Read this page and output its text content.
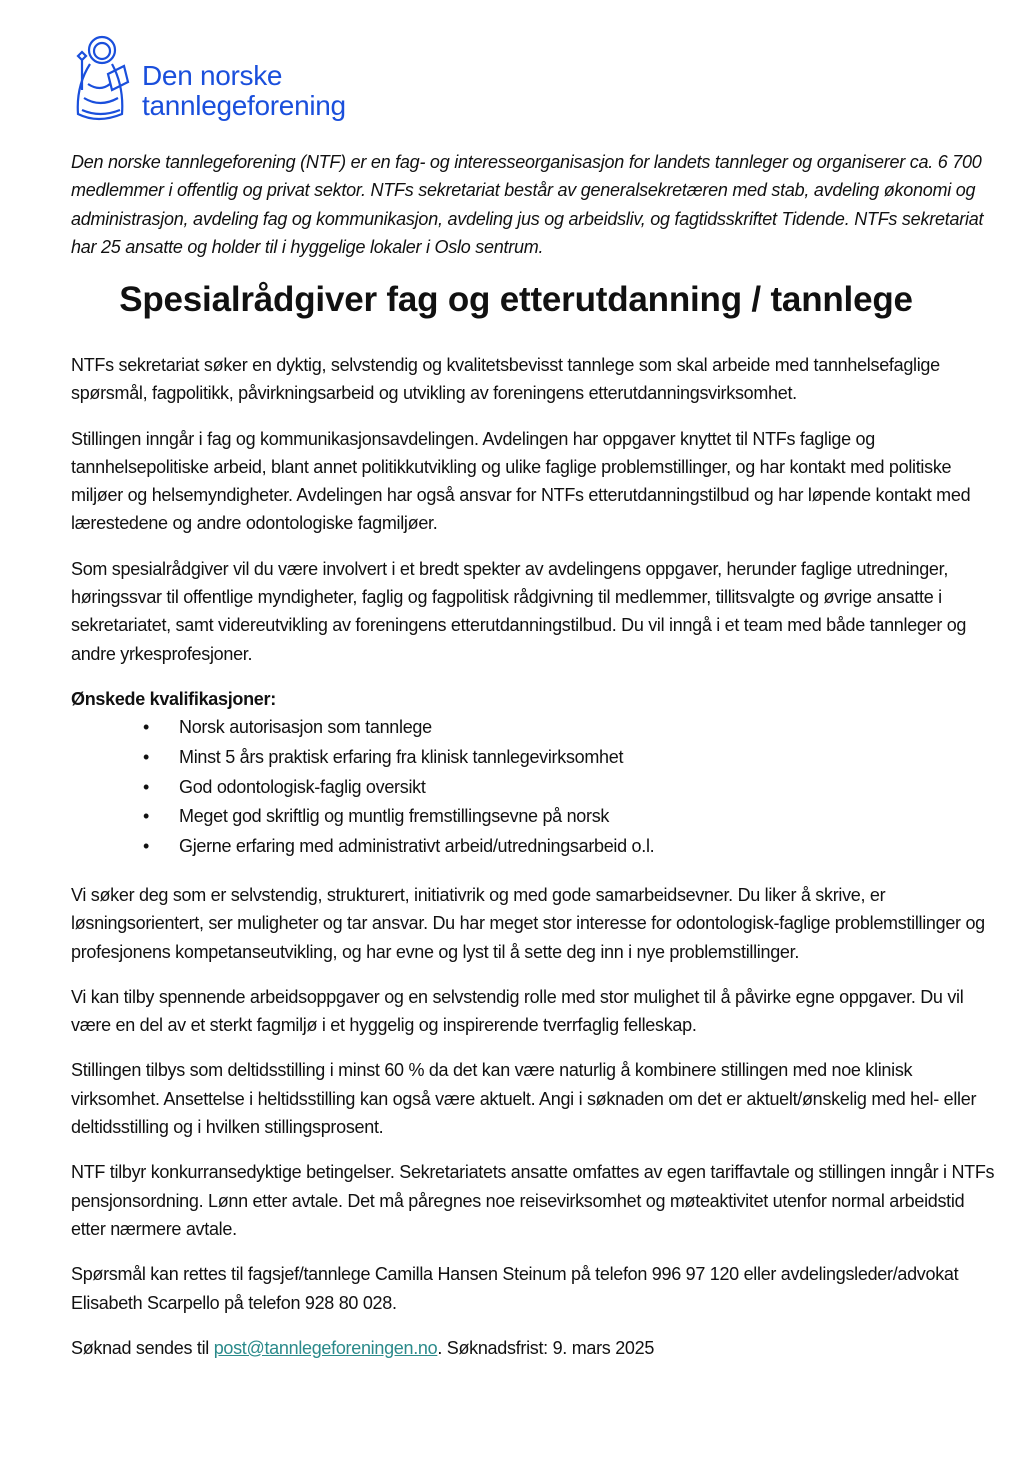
Den norske
tannlegeforening

Den norske tannlegeforening (NTF) er en fag- og interesseorganisasjon for landets tannleger og organiserer ca. 6 700 medlemmer i offentlig og privat sektor. NTFs sekretariat består av generalsekretæren med stab, avdeling økonomi og administrasjon, avdeling fag og kommunikasjon, avdeling jus og arbeidsliv, og fagtidsskriftet Tidende. NTFs sekretariat har 25 ansatte og holder til i hyggelige lokaler i Oslo sentrum.

Spesialrådgiver fag og etterutdanning / tannlege

NTFs sekretariat søker en dyktig, selvstendig og kvalitetsbevisst tannlege som skal arbeide med tannhelsefaglige spørsmål, fagpolitikk, påvirkningsarbeid og utvikling av foreningens etterutdanningsvirksomhet.

Stillingen inngår i fag og kommunikasjonsavdelingen. Avdelingen har oppgaver knyttet til NTFs faglige og tannhelsepolitiske arbeid, blant annet politikkutvikling og ulike faglige problemstillinger, og har kontakt med politiske miljøer og helsemyndigheter. Avdelingen har også ansvar for NTFs etterutdanningstilbud og har løpende kontakt med lærestedene og andre odontologiske fagmiljøer.

Som spesialrådgiver vil du være involvert i et bredt spekter av avdelingens oppgaver, herunder faglige utredninger, høringssvar til offentlige myndigheter, faglig og fagpolitisk rådgivning til medlemmer, tillitsvalgte og øvrige ansatte i sekretariatet, samt videreutvikling av foreningens etterutdanningstilbud. Du vil inngå i et team med både tannleger og andre yrkesprofesjoner.

Ønskede kvalifikasjoner:
• Norsk autorisasjon som tannlege
• Minst 5 års praktisk erfaring fra klinisk tannlegevirksomhet
• God odontologisk-faglig oversikt
• Meget god skriftlig og muntlig fremstillingsevne på norsk
• Gjerne erfaring med administrativt arbeid/utredningsarbeid o.l.

Vi søker deg som er selvstendig, strukturert, initiativrik og med gode samarbeidsevner. Du liker å skrive, er løsningsorientert, ser muligheter og tar ansvar. Du har meget stor interesse for odontologisk-faglige problemstillinger og profesjonens kompetanseutvikling, og har evne og lyst til å sette deg inn i nye problemstillinger.

Vi kan tilby spennende arbeidsoppgaver og en selvstendig rolle med stor mulighet til å påvirke egne oppgaver. Du vil være en del av et sterkt fagmiljø i et hyggelig og inspirerende tverrfaglig felleskap.

Stillingen tilbys som deltidsstilling i minst 60 % da det kan være naturlig å kombinere stillingen med noe klinisk virksomhet. Ansettelse i heltidsstilling kan også være aktuelt. Angi i søknaden om det er aktuelt/ønskelig med hel- eller deltidsstilling og i hvilken stillingsprosent.

NTF tilbyr konkurransedyktige betingelser. Sekretariatets ansatte omfattes av egen tariffavtale og stillingen inngår i NTFs pensjonsordning. Lønn etter avtale. Det må påregnes noe reisevirksomhet og møteaktivitet utenfor normal arbeidstid etter nærmere avtale.

Spørsmål kan rettes til fagsjef/tannlege Camilla Hansen Steinum på telefon 996 97 120 eller avdelingsleder/advokat Elisabeth Scarpello på telefon 928 80 028.

Søknad sendes til post@tannlegeforeningen.no. Søknadsfrist: 9. mars 2025
